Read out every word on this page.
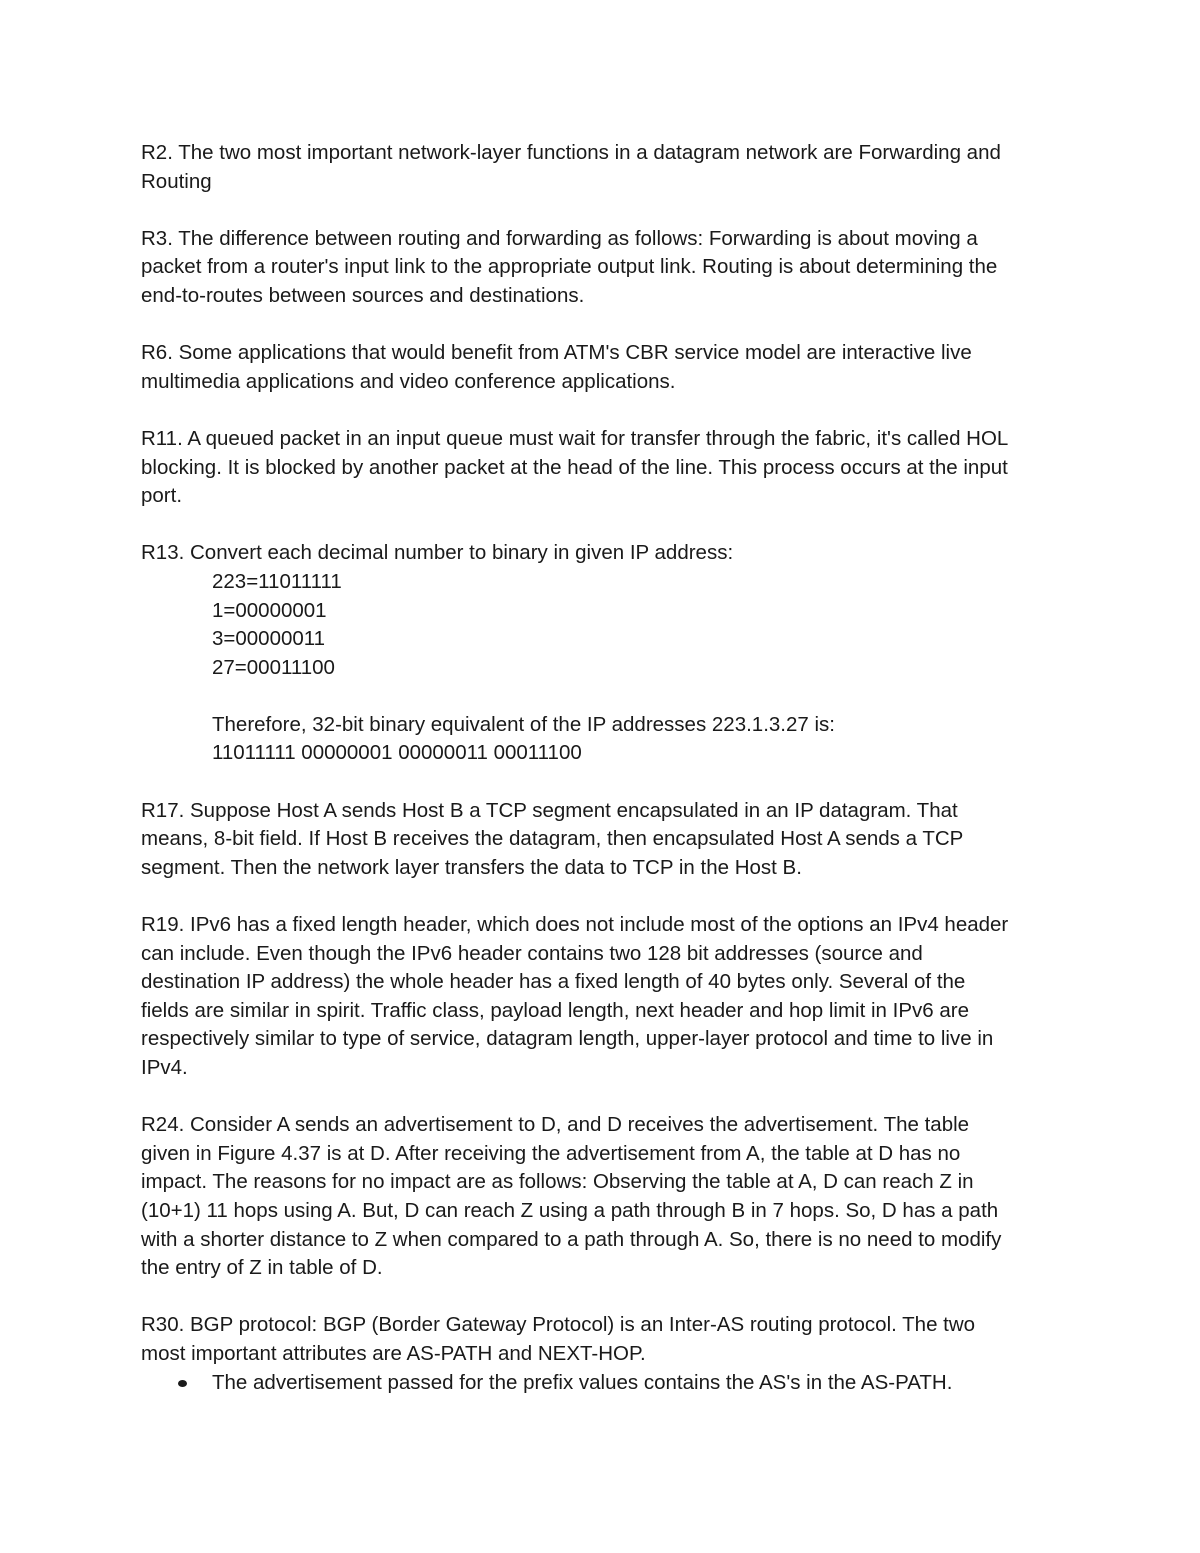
R2. The two most important network-layer functions in a datagram network are Forwarding and
Routing

R3. The difference between routing and forwarding as follows: Forwarding is about moving a
packet from a router's input link to the appropriate output link. Routing is about determining the
end-to-routes between sources and destinations.

R6. Some applications that would benefit from ATM's CBR service model are interactive live
multimedia applications and video conference applications.

R11. A queued packet in an input queue must wait for transfer through the fabric, it's called HOL
blocking. It is blocked by another packet at the head of the line. This process occurs at the input
port.

R13. Convert each decimal number to binary in given IP address:
223=11011111
1=00000001
3=00000011
27=00011100
Therefore, 32-bit binary equivalent of the IP addresses 223.1.3.27 is:
11011111 00000001 00000011 00011100

R17. Suppose Host A sends Host B a TCP segment encapsulated in an IP datagram. That
means, 8-bit field. If Host B receives the datagram, then encapsulated Host A sends a TCP
segment. Then the network layer transfers the data to TCP in the Host B.

R19. IPv6 has a fixed length header, which does not include most of the options an IPv4 header
can include. Even though the IPv6 header contains two 128 bit addresses (source and
destination IP address) the whole header has a fixed length of 40 bytes only. Several of the
fields are similar in spirit. Traffic class, payload length, next header and hop limit in IPv6 are
respectively similar to type of service, datagram length, upper-layer protocol and time to live in
IPv4.

R24. Consider A sends an advertisement to D, and D receives the advertisement. The table
given in Figure 4.37 is at D. After receiving the advertisement from A, the table at D has no
impact. The reasons for no impact are as follows: Observing the table at A, D can reach Z in
(10+1) 11 hops using A. But, D can reach Z using a path through B in 7 hops. So, D has a path
with a shorter distance to Z when compared to a path through A. So, there is no need to modify
the entry of Z in table of D.

R30. BGP protocol: BGP (Border Gateway Protocol) is an Inter-AS routing protocol. The two
most important attributes are AS-PATH and NEXT-HOP.
The advertisement passed for the prefix values contains the AS's in the AS-PATH.
